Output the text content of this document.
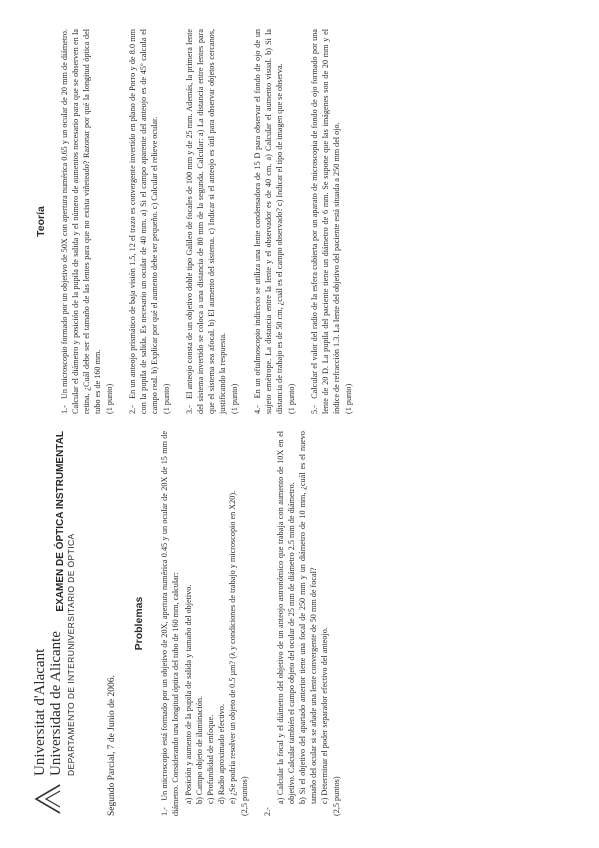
Universitat d'Alacant Universidad de Alicante DEPARTAMENTO DE INTERUNIVERSITARIO DE ÓPTICA
EXAMEN DE ÓPTICA INSTRUMENTAL
Segundo Parcial, 7 de Junio de 2006.
Problemas
1.- Un microscopio está formado por un objetivo de 20X, apertura numérica 0.45 y un ocular de 20X de 15 mm de diámetro. Considerando una longitud óptica del tubo de 160 mm, calcular: a) Posición y aumento de la pupila de salida y tamaño del objetivo. b) Campo objeto de iluminación. c) Profundidad de enfoque. d) Radio aproximado efectivo. e) ¿Se podría resolver un objeto de 0.5 µm? (λ y condiciones de trabajo y microscopio en X20). (2,5 puntos) 2.-
a) Calcular la focal y el diámetro del objetivo de un anteojo astronómico que trabaja con aumento de 10X en el objetivo. Calcular también el campo objeto del ocular de 25 mm de diámetro 2.5 mm de diámetro. b) Si el objetivo del apartado anterior tiene una focal de 250 mm y un diámetro de 10 mm, ¿cuál es el nuevo tamaño del ocular si se añade una lente convergente de 50 mm de focal? c) Determinar el poder separador efectivo del anteojo. (2,5 puntos)
Teoría
1.- Un microscopio formado por un objetivo de 50X con apertura numérica 0.65 y un ocular de 20 mm de diámetro. Calcular el diámetro y posición de la pupila de salida y el número de aumentos necesario para que se observen en la retina. ¿Cuál debe ser el tamaño de las lentes para que no exista viñeteado? Razonar por qué la longitud óptica del tubo es de 160 mm. (1 punto) 2.- En un anteojo prismático de baja visión 1.5, 12 el trazo es convergente invertido en plano de Porro y de 8.0 mm con la pupila de salida. Es necesario un ocular de 40 mm. a) Si el campo aparente del anteojo es de 45º calcula el campo real. b) Explicar por qué el aumento debe ser pequeño. c) Calcular el relieve ocular. (1 punto) 3.- El anteojo consta de un objetivo doble tipo Galileo de focales de 100 mm y de 25 mm. Además, la primera lente del sistema invertido se coloca a una distancia de 80 mm de la segunda. Calcular: a) La distancia entre lentes para que el sistema sea afocal. b) El aumento del sistema. c) Indicar si el anteojo es útil para observar objetos cercanos, justificando la respuesta. (1 punto) 4.- En un oftalmoscopio indirecto se utiliza una lente condensadora de 15 D para observar el fondo de ojo de un sujeto emétrope. La distancia entre la lente y el observador es de 40 cm. a) Calcular el aumento visual. b) Si la distancia de trabajo es de 50 cm, ¿cuál es el campo observado? c) Indicar el tipo de imagen que se observa. (1 punto) 5.- Calcular el valor del radio de la esfera cubierta por un aparato de microscopia de fondo de ojo formado por una lente de 20 D. La pupila del paciente tiene un diámetro de 6 mm. Se supone que las imágenes son de 20 mm y el índice de refracción 1.3. La lente del objetivo del paciente está situada a 250 mm del ojo. (1 punto)
